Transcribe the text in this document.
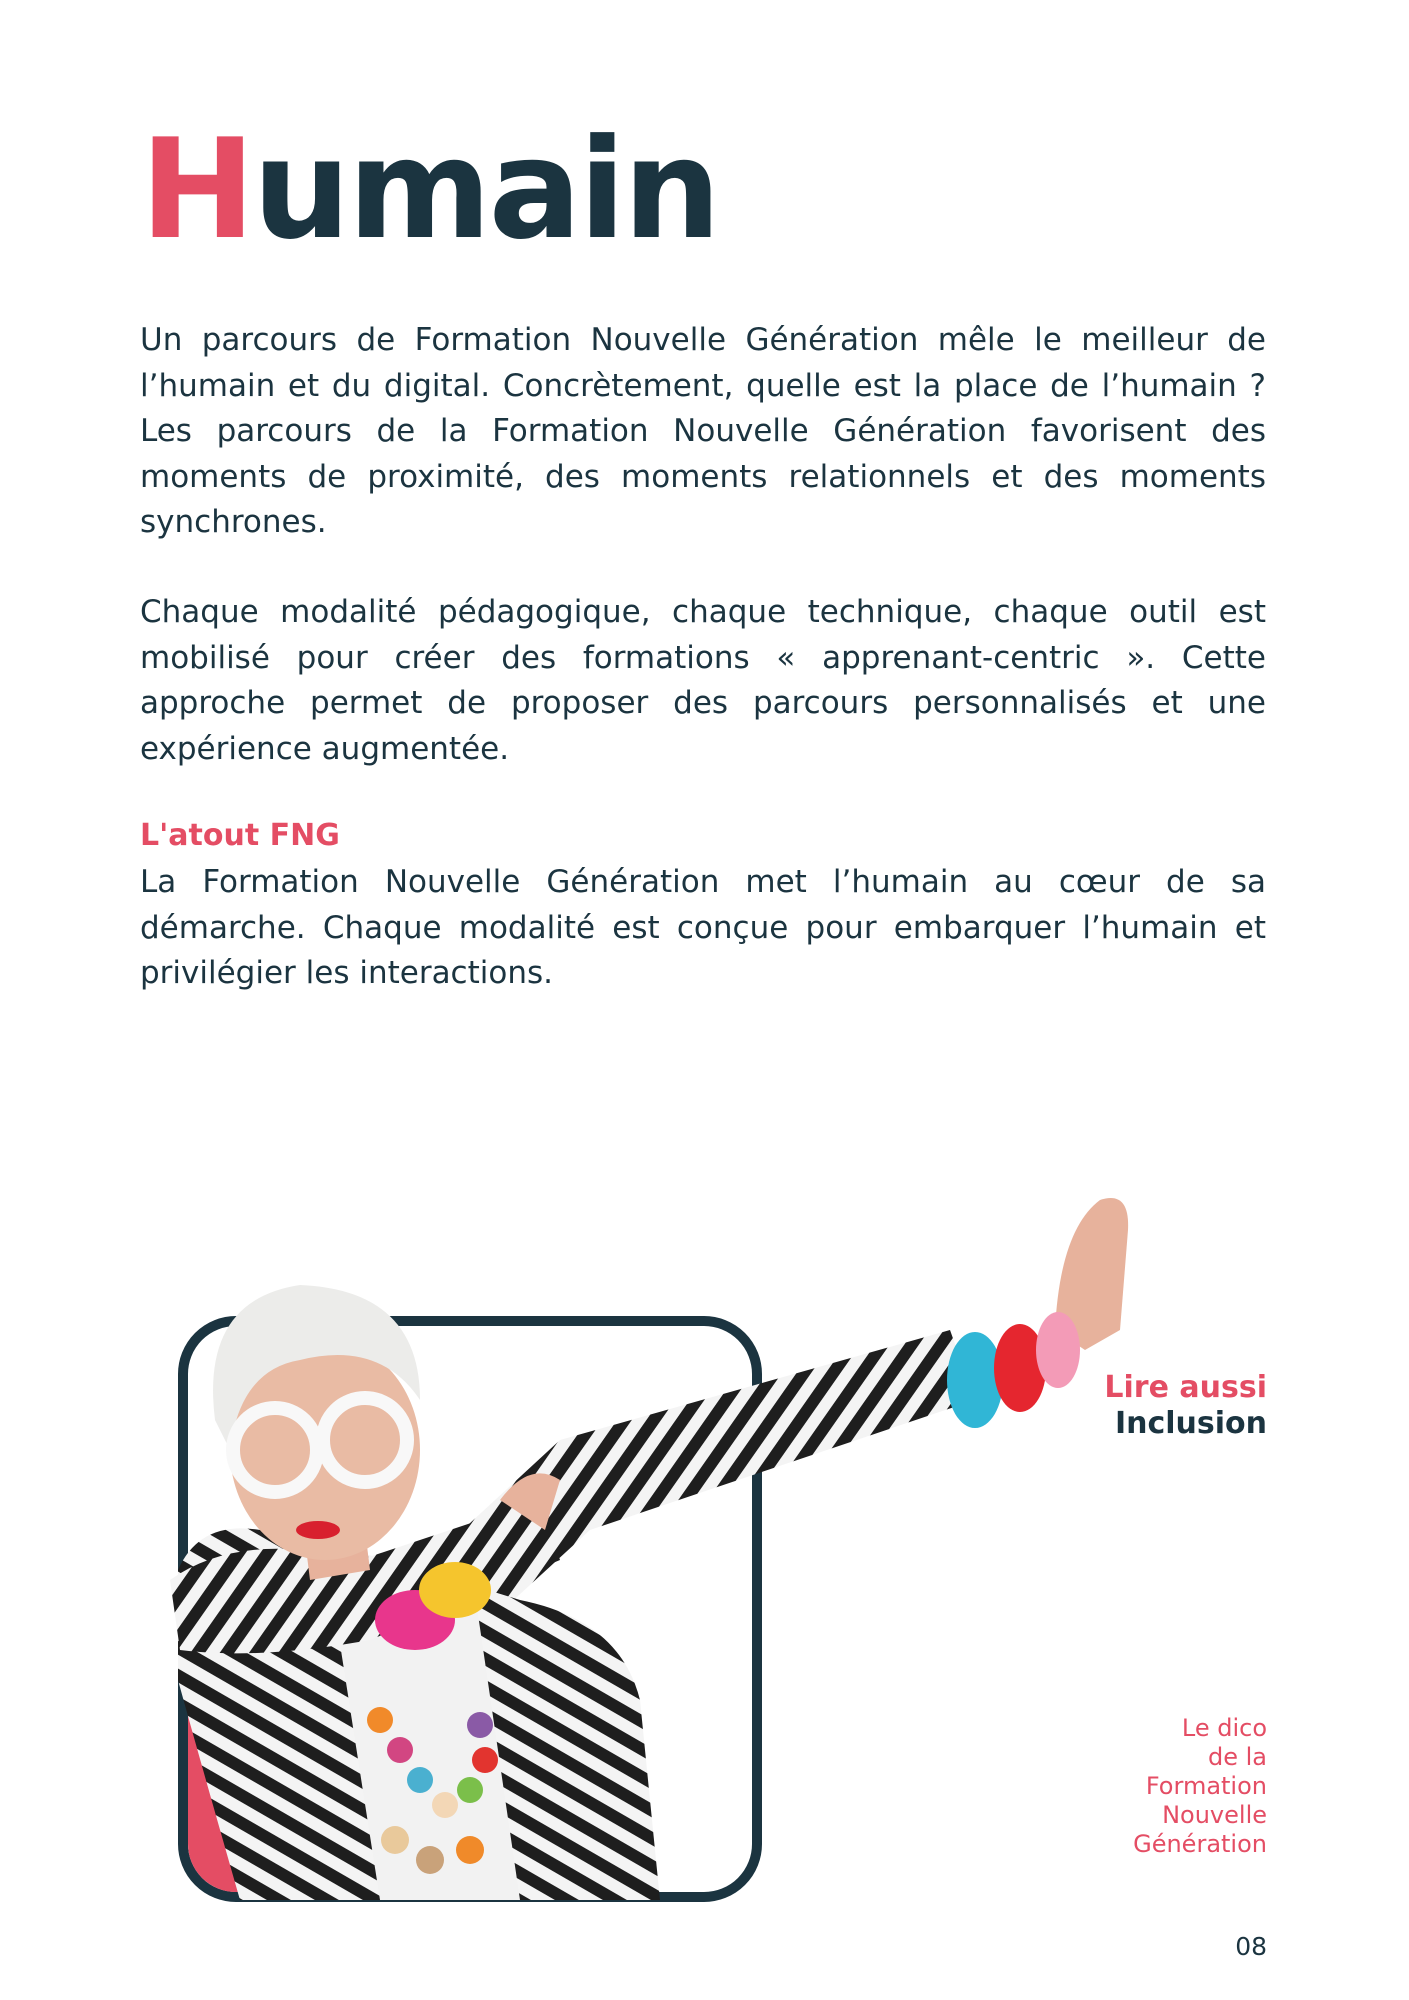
Humain

Un parcours de Formation Nouvelle Génération mêle le meilleur de l’humain et du digital. Concrètement, quelle est la place de l’humain ? Les parcours de la Formation Nouvelle Génération favorisent des moments de proximité, des moments relationnels et des moments synchrones.

Chaque modalité pédagogique, chaque technique, chaque outil est mobilisé pour créer des formations « apprenant-centric ». Cette approche permet de proposer des parcours personnalisés et une expérience augmentée.

L'atout FNG

La Formation Nouvelle Génération met l’humain au cœur de sa démarche. Chaque modalité est conçue pour embarquer l’humain et privilégier les interactions.

Lire aussi
Inclusion
Le dico
de la
Formation
Nouvelle
Génération
08
